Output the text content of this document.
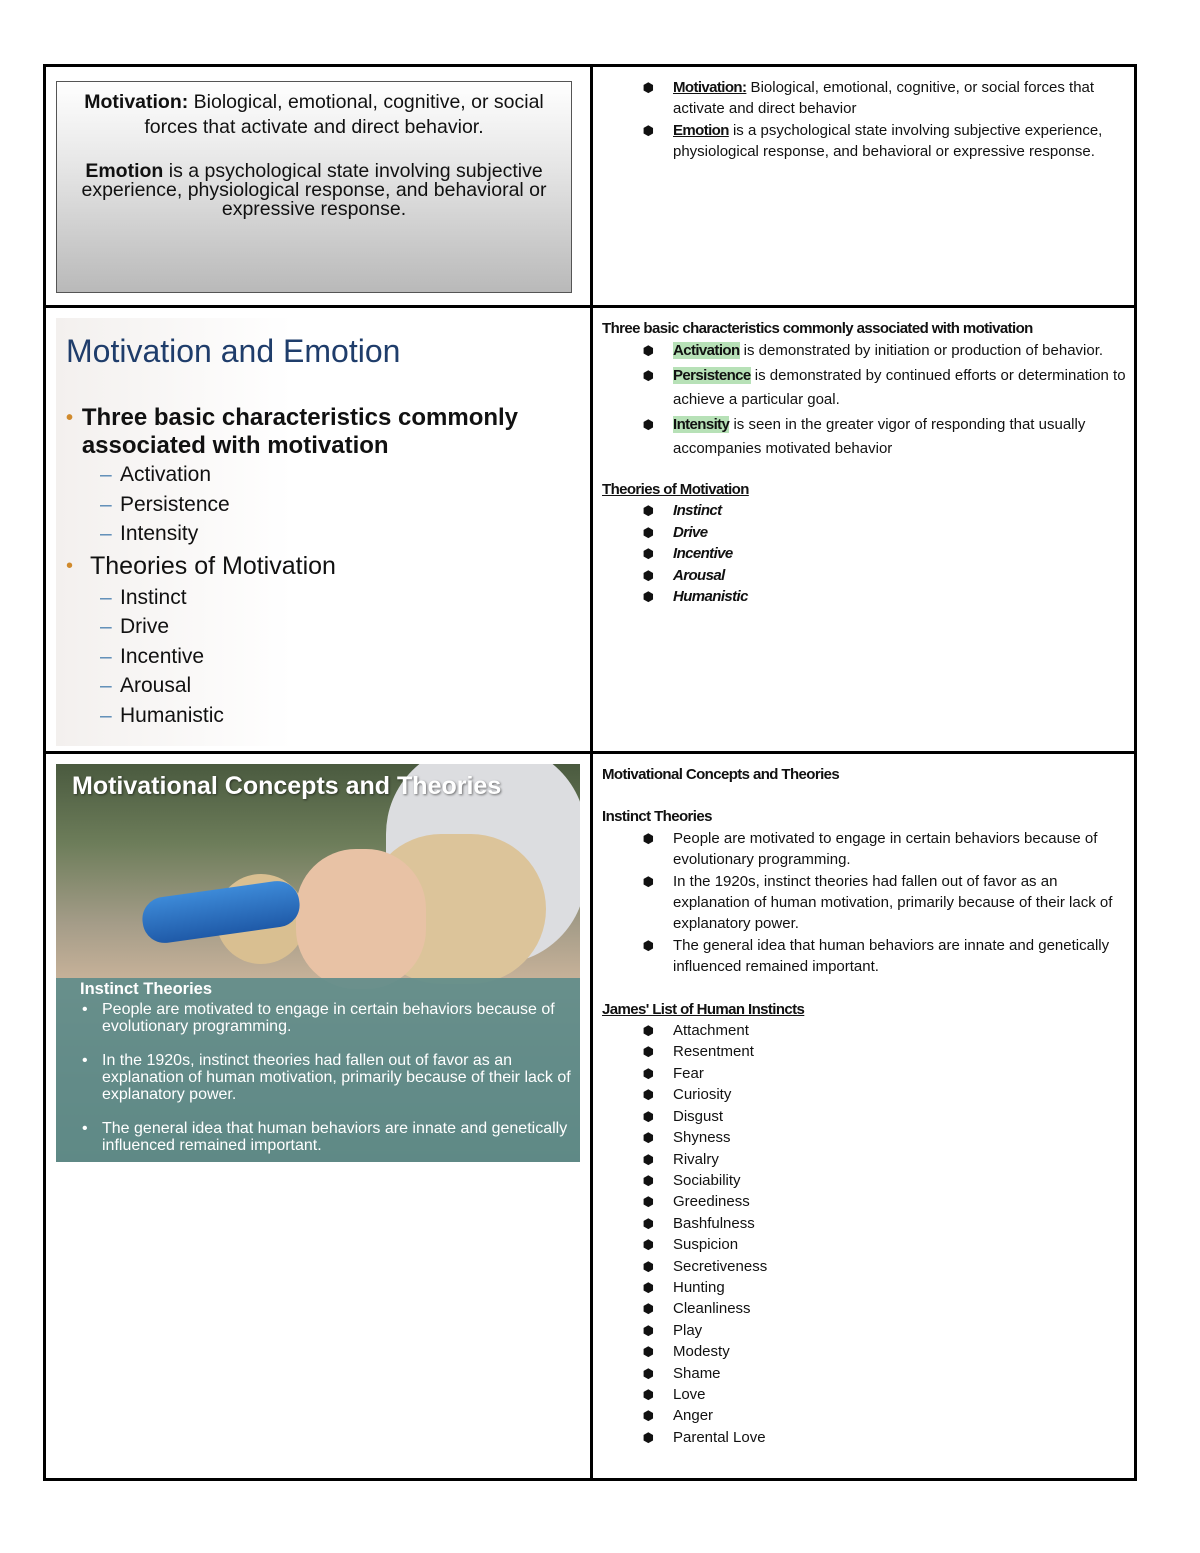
Motivation: Biological, emotional, cognitive, or social forces that activate and direct behavior.

Emotion is a psychological state involving subjective experience, physiological response, and behavioral or expressive response.

⬢	Motivation: Biological, emotional, cognitive, or social forces that activate and direct behavior
⬢	Emotion is a psychological state involving subjective experience, physiological response, and behavioral or expressive response.
Motivation and Emotion
• Three basic characteristics commonly associated with motivation
– Activation
– Persistence
– Intensity
• Theories of Motivation
– Instinct
– Drive
– Incentive
– Arousal
– Humanistic
Three basic characteristics commonly associated with motivation
⬢	Activation is demonstrated by initiation or production of behavior.
⬢	Persistence is demonstrated by continued efforts or determination to achieve a particular goal.
⬢	Intensity is seen in the greater vigor of responding that usually accompanies motivated behavior
Theories of Motivation
⬢	Instinct
⬢	Drive
⬢	Incentive
⬢	Arousal
⬢	Humanistic
Motivational Concepts and Theories
Instinct Theories
• People are motivated to engage in certain behaviors because of evolutionary programming.
• In the 1920s, instinct theories had fallen out of favor as an explanation of human motivation, primarily because of their lack of explanatory power.
• The general idea that human behaviors are innate and genetically influenced remained important.
Motivational Concepts and Theories
Instinct Theories
⬢	People are motivated to engage in certain behaviors because of evolutionary programming.
⬢	In the 1920s, instinct theories had fallen out of favor as an explanation of human motivation, primarily because of their lack of explanatory power.
⬢	The general idea that human behaviors are innate and genetically influenced remained important.
James' List of Human Instincts
⬢	Attachment
⬢	Resentment
⬢	Fear
⬢	Curiosity
⬢	Disgust
⬢	Shyness
⬢	Rivalry
⬢	Sociability
⬢	Greediness
⬢	Bashfulness
⬢	Suspicion
⬢	Secretiveness
⬢	Hunting
⬢	Cleanliness
⬢	Play
⬢	Modesty
⬢	Shame
⬢	Love
⬢	Anger
⬢	Parental Love
